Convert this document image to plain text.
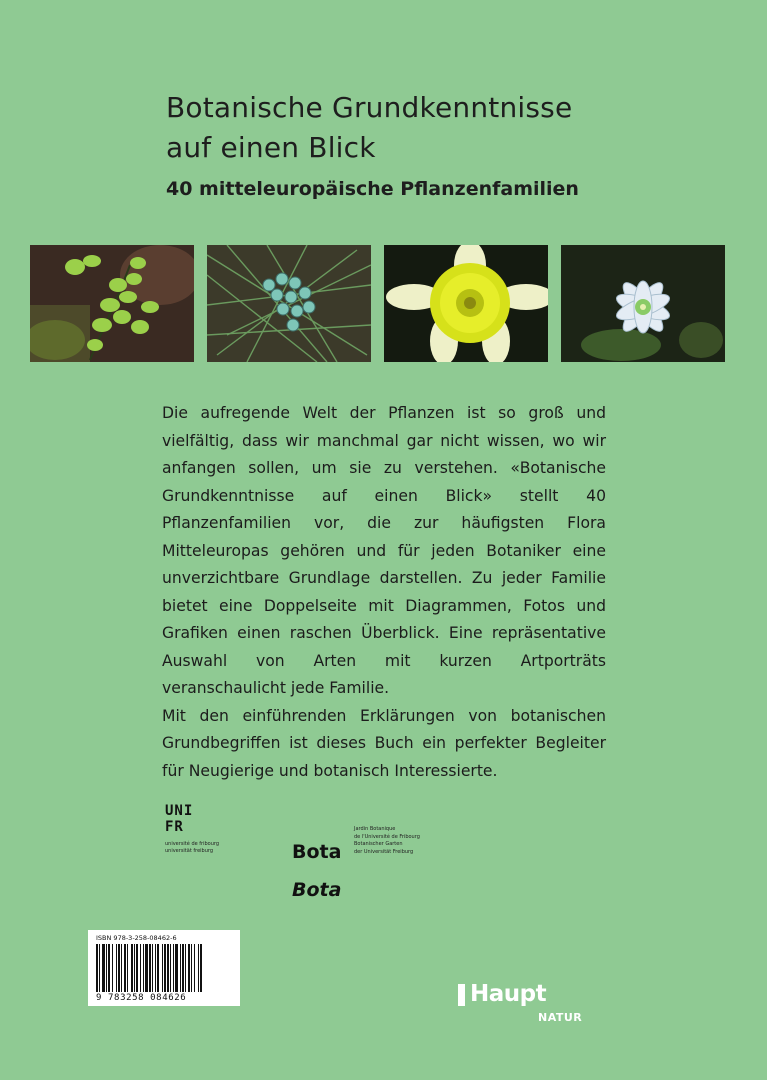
Botanische Grundkenntnisse
auf einen Blick
40 mitteleuropäische Pflanzenfamilien

Die aufregende Welt der Pflanzen ist so groß und vielfältig, dass wir manchmal gar nicht wissen, wo wir anfangen sollen, um sie zu verstehen. «Botanische Grundkenntnisse auf einen Blick» stellt 40 Pflanzenfamilien vor, die zur häufigsten Flora Mitteleuropas gehören und für jeden Botaniker eine unverzichtbare Grundlage darstellen. Zu jeder Familie bietet eine Doppelseite mit Diagrammen, Fotos und Grafiken einen raschen Überblick. Eine repräsentative Auswahl von Arten mit kurzen Artporträts veranschaulicht jede Familie.

Mit den einführenden Erklärungen von botanischen Grundbegriffen ist dieses Buch ein perfekter Begleiter für Neugierige und botanisch Interessierte.

UNI
FR
université de fribourg
universität freiburg	Bota

Bota

Jardin Botanique
de l'Université de Fribourg
Botanischer Garten
der Universität Freiburg
ISBN 978-3-258-08462-6
9 783258 084626	Haupt
NATUR
